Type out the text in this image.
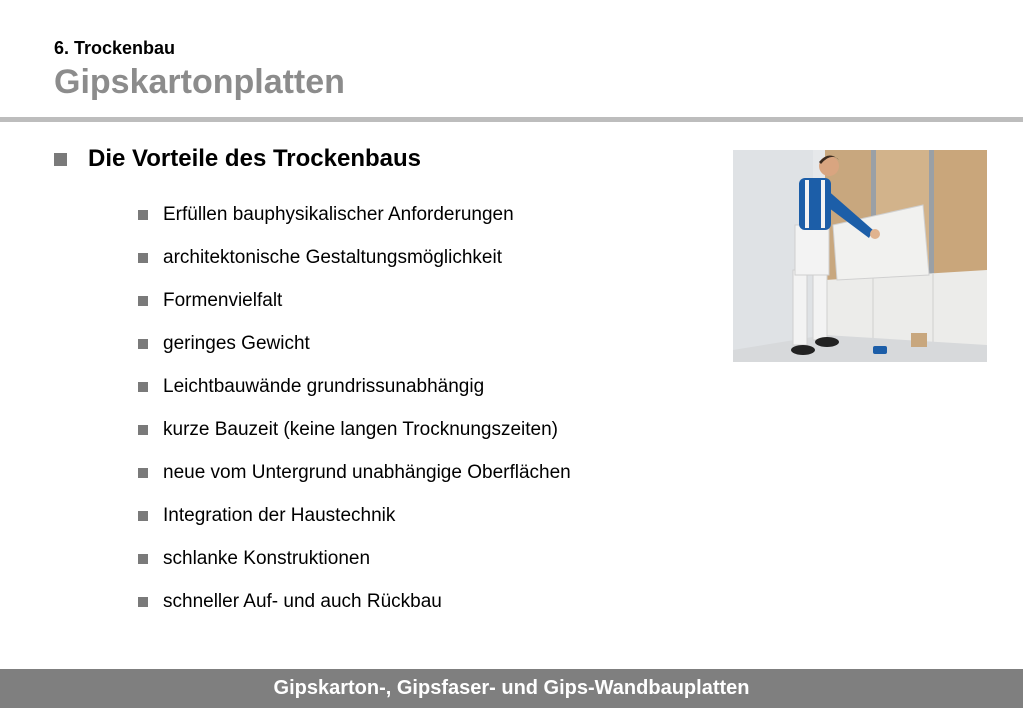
6. Trockenbau
Gipskartonplatten
Die Vorteile des Trockenbaus
Erfüllen bauphysikalischer Anforderungen
architektonische Gestaltungsmöglichkeit
Formenvielfalt
geringes Gewicht
Leichtbauwände grundrissunabhängig
kurze Bauzeit (keine langen Trocknungszeiten)
neue vom Untergrund unabhängige Oberflächen
Integration der Haustechnik
schlanke Konstruktionen
schneller Auf- und auch Rückbau
Gipskarton-, Gipsfaser- und Gips-Wandbauplatten
